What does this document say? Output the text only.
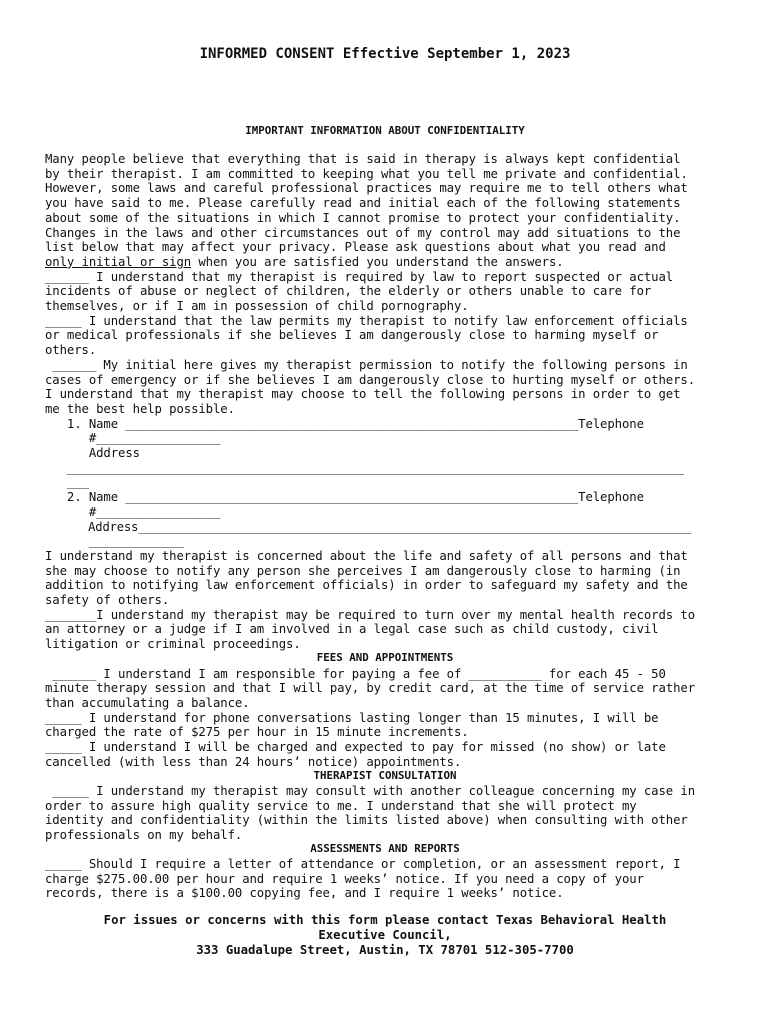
INFORMED CONSENT Effective September 1, 2023
IMPORTANT INFORMATION ABOUT CONFIDENTIALITY
Many people believe that everything that is said in therapy is always kept confidential
by their therapist. I am committed to keeping what you tell me private and confidential.
However, some laws and careful professional practices may require me to tell others what
you have said to me. Please carefully read and initial each of the following statements
about some of the situations in which I cannot promise to protect your confidentiality.
Changes in the laws and other circumstances out of my control may add situations to the
list below that may affect your privacy. Please ask questions about what you read and
only initial or sign when you are satisfied you understand the answers.
______ I understand that my therapist is required by law to report suspected or actual
incidents of abuse or neglect of children, the elderly or others unable to care for
themselves, or if I am in possession of child pornography.
_____ I understand that the law permits my therapist to notify law enforcement officials
or medical professionals if she believes I am dangerously close to harming myself or
others.
______ My initial here gives my therapist permission to notify the following persons in
cases of emergency or if she believes I am dangerously close to hurting myself or others.
I understand that my therapist may choose to tell the following persons in order to get
me the best help possible.
1. Name ______________________________________________________________Telephone
#_________________
Address
______________________________________________________________________________________
___
2. Name ______________________________________________________________Telephone
#_________________
Address_____________________________________________________________________________
_____________
I understand my therapist is concerned about the life and safety of all persons and that
she may choose to notify any person she perceives I am dangerously close to harming (in
addition to notifying law enforcement officials) in order to safeguard my safety and the
safety of others.
_______I understand my therapist may be required to turn over my mental health records to
an attorney or a judge if I am involved in a legal case such as child custody, civil
litigation or criminal proceedings.
FEES AND APPOINTMENTS
______ I understand I am responsible for paying a fee of __________ for each 45 - 50
minute therapy session and that I will pay, by credit card, at the time of service rather
than accumulating a balance.
_____ I understand for phone conversations lasting longer than 15 minutes, I will be
charged the rate of $275 per hour in 15 minute increments.
_____ I understand I will be charged and expected to pay for missed (no show) or late
cancelled (with less than 24 hours’ notice) appointments.
THERAPIST CONSULTATION
_____ I understand my therapist may consult with another colleague concerning my case in
order to assure high quality service to me. I understand that she will protect my
identity and confidentiality (within the limits listed above) when consulting with other
professionals on my behalf.
ASSESSMENTS AND REPORTS
_____ Should I require a letter of attendance or completion, or an assessment report, I
charge $275.00.00 per hour and require 1 weeks’ notice. If you need a copy of your
records, there is a $100.00 copying fee, and I require 1 weeks’ notice.
For issues or concerns with this form please contact Texas Behavioral Health
Executive Council,
333 Guadalupe Street, Austin, TX 78701 512-305-7700
